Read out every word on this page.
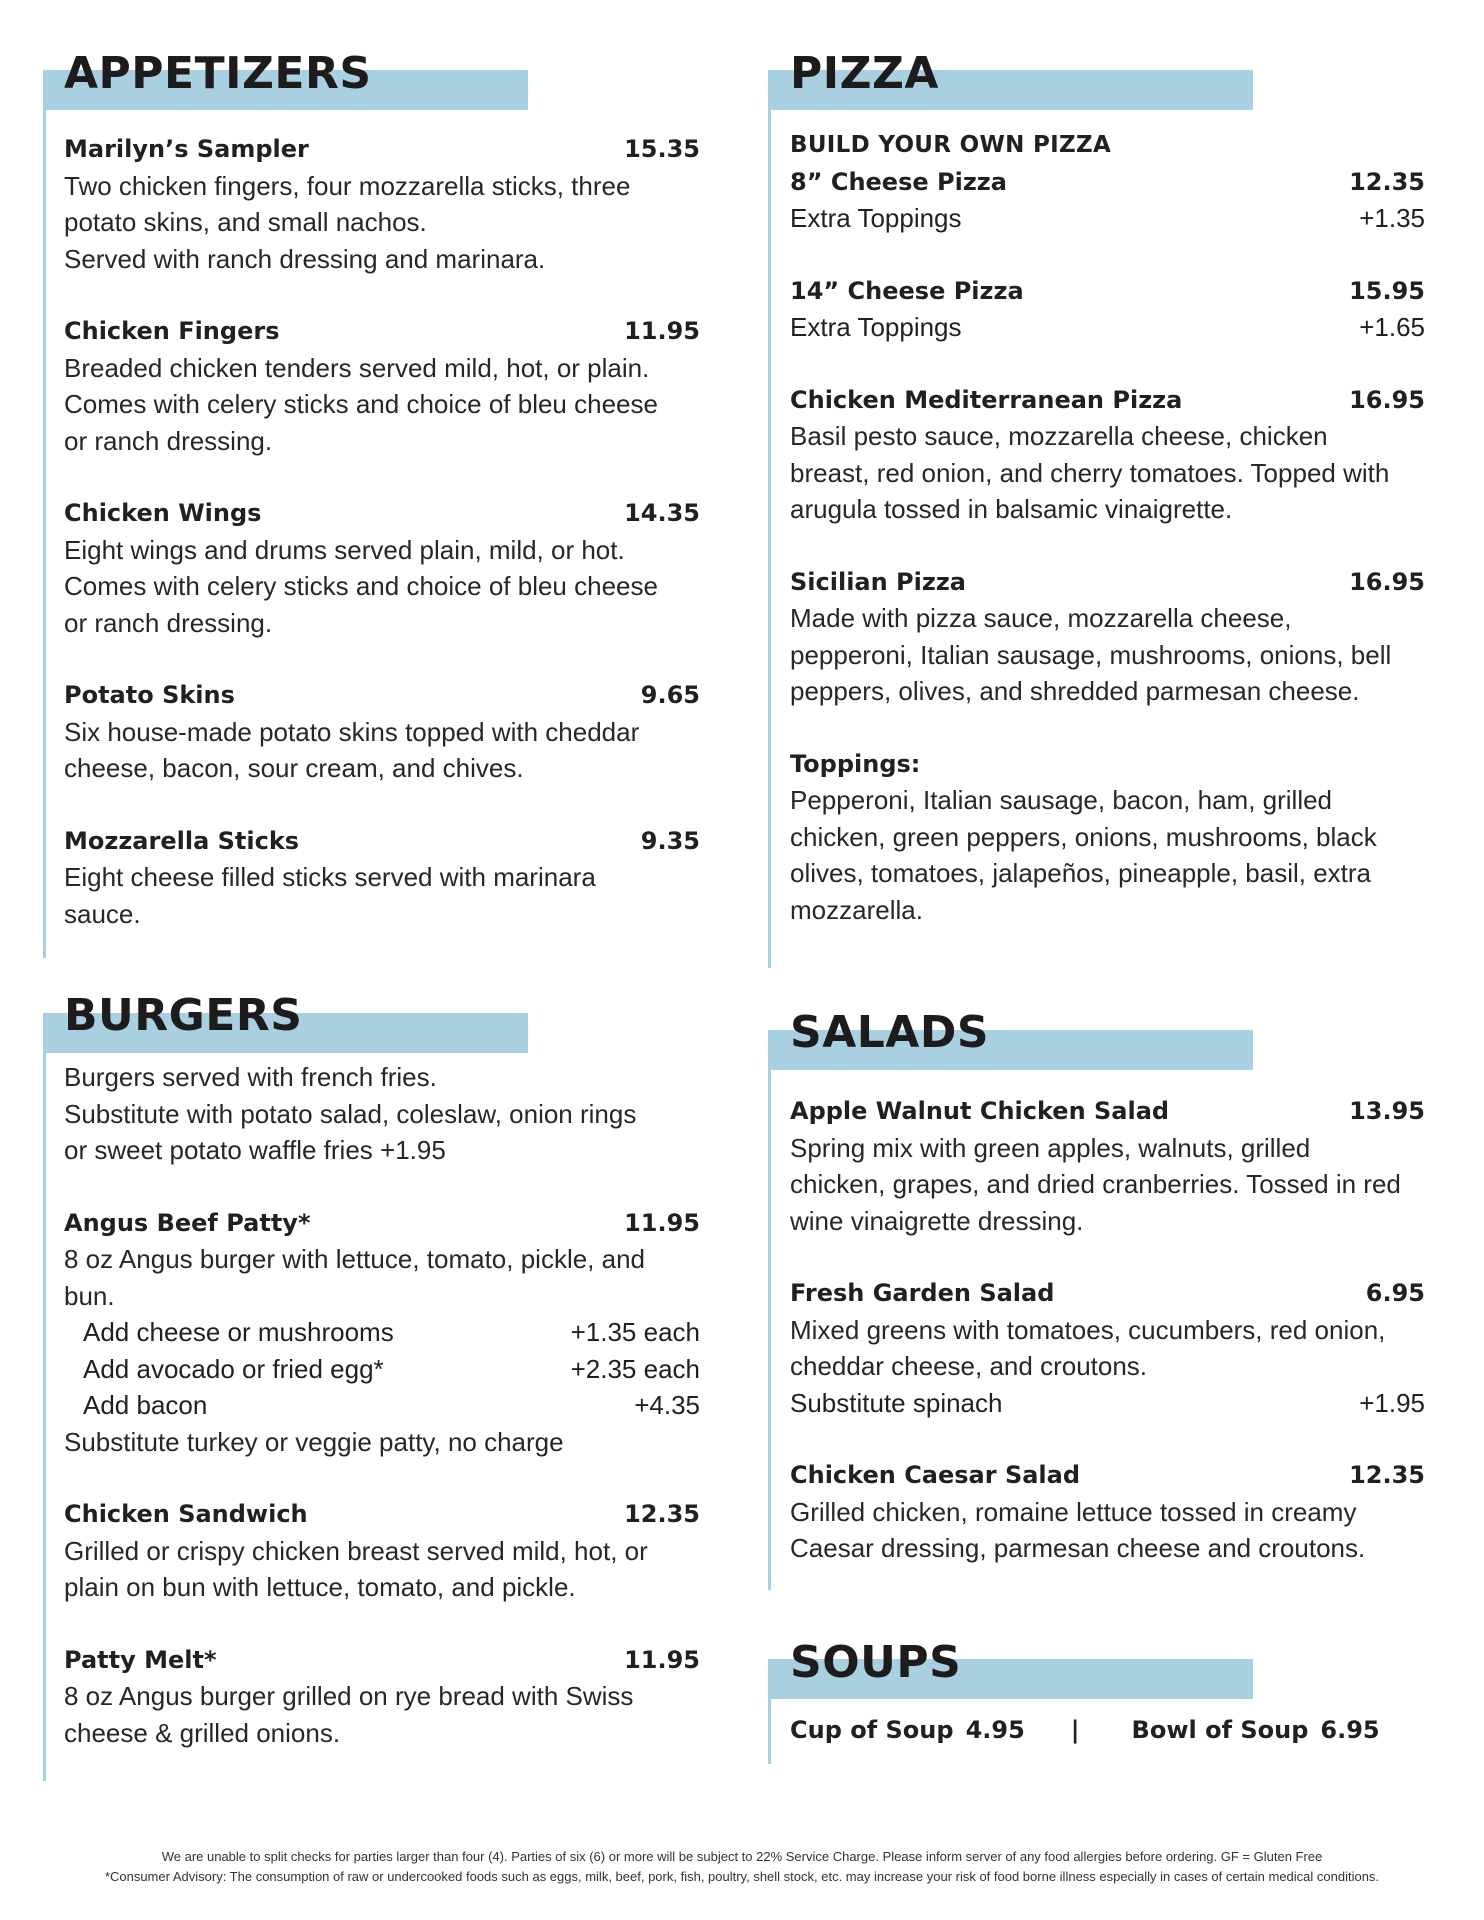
APPETIZERS
Marilyn’s Sampler	15.35
Two chicken fingers, four mozzarella sticks, three
potato skins, and small nachos.
Served with ranch dressing and marinara.
Chicken Fingers	11.95
Breaded chicken tenders served mild, hot, or plain.
Comes with celery sticks and choice of bleu cheese
or ranch dressing.
Chicken Wings	14.35
Eight wings and drums served plain, mild, or hot.
Comes with celery sticks and choice of bleu cheese
or ranch dressing.
Potato Skins	9.65
Six house-made potato skins topped with cheddar
cheese, bacon, sour cream, and chives.
Mozzarella Sticks	9.35
Eight cheese filled sticks served with marinara
sauce.
BURGERS
Burgers served with french fries.
Substitute with potato salad, coleslaw, onion rings
or sweet potato waffle fries +1.95
Angus Beef Patty*	11.95
8 oz Angus burger with lettuce, tomato, pickle, and
bun.
Add cheese or mushrooms	+1.35 each
Add avocado or fried egg*	+2.35 each
Add bacon	+4.35
Substitute turkey or veggie patty, no charge
Chicken Sandwich	12.35
Grilled or crispy chicken breast served mild, hot, or
plain on bun with lettuce, tomato, and pickle.
Patty Melt*	11.95
8 oz Angus burger grilled on rye bread with Swiss
cheese & grilled onions.
PIZZA
BUILD YOUR OWN PIZZA
8” Cheese Pizza	12.35
Extra Toppings	+1.35
14” Cheese Pizza	15.95
Extra Toppings	+1.65
Chicken Mediterranean Pizza	16.95
Basil pesto sauce, mozzarella cheese, chicken
breast, red onion, and cherry tomatoes. Topped with
arugula tossed in balsamic vinaigrette.
Sicilian Pizza	16.95
Made with pizza sauce, mozzarella cheese,
pepperoni, Italian sausage, mushrooms, onions, bell
peppers, olives, and shredded parmesan cheese.
Toppings:
Pepperoni, Italian sausage, bacon, ham, grilled
chicken, green peppers, onions, mushrooms, black
olives, tomatoes, jalapeños, pineapple, basil, extra
mozzarella.
SALADS
Apple Walnut Chicken Salad	13.95
Spring mix with green apples, walnuts, grilled
chicken, grapes, and dried cranberries. Tossed in red
wine vinaigrette dressing.
Fresh Garden Salad	6.95
Mixed greens with tomatoes, cucumbers, red onion,
cheddar cheese, and croutons.
Substitute spinach	+1.95
Chicken Caesar Salad	12.35
Grilled chicken, romaine lettuce tossed in creamy
Caesar dressing, parmesan cheese and croutons.
SOUPS
Cup of Soup 4.95 | Bowl of Soup 6.95
We are unable to split checks for parties larger than four (4). Parties of six (6) or more will be subject to 22% Service Charge. Please inform server of any food allergies before ordering. GF = Gluten Free
*Consumer Advisory: The consumption of raw or undercooked foods such as eggs, milk, beef, pork, fish, poultry, shell stock, etc. may increase your risk of food borne illness especially in cases of certain medical conditions.
